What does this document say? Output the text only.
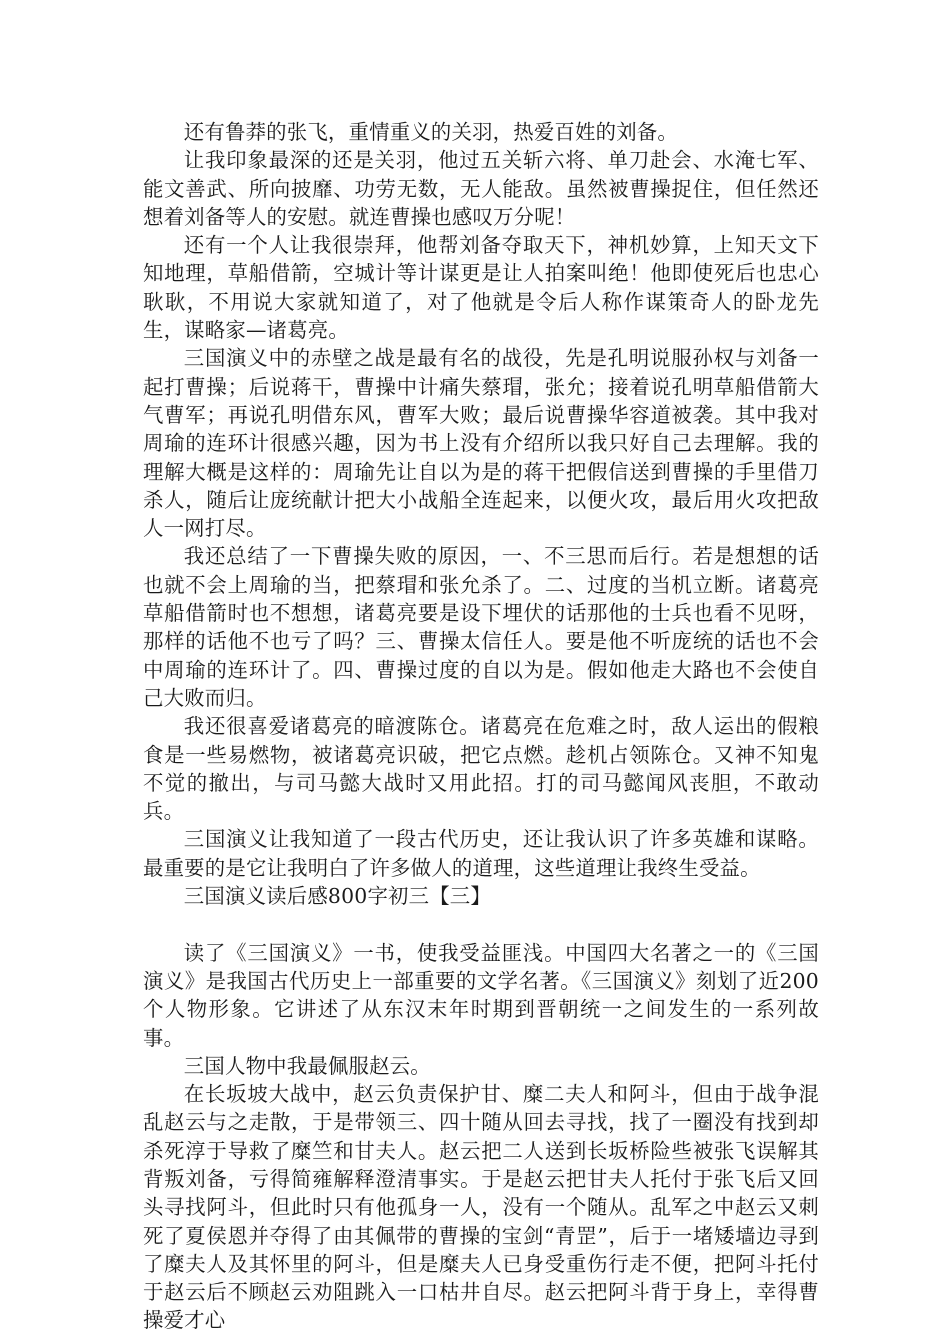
还有鲁莽的张飞，重情重义的关羽，热爱百姓的刘备。

让我印象最深的还是关羽，他过五关斩六将、单刀赴会、水淹七军、能文善武、所向披靡、功劳无数，无人能敌。虽然被曹操捉住，但任然还想着刘备等人的安慰。就连曹操也感叹万分呢！

还有一个人让我很崇拜，他帮刘备夺取天下，神机妙算，上知天文下知地理，草船借箭，空城计等计谋更是让人拍案叫绝！他即使死后也忠心耿耿，不用说大家就知道了，对了他就是令后人称作谋策奇人的卧龙先生，谋略家—诸葛亮。

三国演义中的赤壁之战是最有名的战役，先是孔明说服孙权与刘备一起打曹操；后说蒋干，曹操中计痛失蔡瑁，张允；接着说孔明草船借箭大气曹军；再说孔明借东风，曹军大败；最后说曹操华容道被袭。其中我对周瑜的连环计很感兴趣，因为书上没有介绍所以我只好自己去理解。我的理解大概是这样的：周瑜先让自以为是的蒋干把假信送到曹操的手里借刀杀人，随后让庞统献计把大小战船全连起来，以便火攻，最后用火攻把敌人一网打尽。

我还总结了一下曹操失败的原因，一、不三思而后行。若是想想的话也就不会上周瑜的当，把蔡瑁和张允杀了。二、过度的当机立断。诸葛亮草船借箭时也不想想，诸葛亮要是设下埋伏的话那他的士兵也看不见呀，那样的话他不也亏了吗？三、曹操太信任人。要是他不听庞统的话也不会中周瑜的连环计了。四、曹操过度的自以为是。假如他走大路也不会使自己大败而归。

我还很喜爱诸葛亮的暗渡陈仓。诸葛亮在危难之时，敌人运出的假粮食是一些易燃物，被诸葛亮识破，把它点燃。趁机占领陈仓。又神不知鬼不觉的撤出，与司马懿大战时又用此招。打的司马懿闻风丧胆，不敢动兵。

三国演义让我知道了一段古代历史，还让我认识了许多英雄和谋略。最重要的是它让我明白了许多做人的道理，这些道理让我终生受益。

三国演义读后感800字初三【三】

读了《三国演义》一书，使我受益匪浅。中国四大名著之一的《三国演义》是我国古代历史上一部重要的文学名著。《三国演义》刻划了近200个人物形象。它讲述了从东汉末年时期到晋朝统一之间发生的一系列故事。

三国人物中我最佩服赵云。

在长坂坡大战中，赵云负责保护甘、糜二夫人和阿斗，但由于战争混乱赵云与之走散，于是带领三、四十随从回去寻找，找了一圈没有找到却杀死淳于导救了糜竺和甘夫人。赵云把二人送到长坂桥险些被张飞误解其背叛刘备，亏得简雍解释澄清事实。于是赵云把甘夫人托付于张飞后又回头寻找阿斗，但此时只有他孤身一人，没有一个随从。乱军之中赵云又刺死了夏侯恩并夺得了由其佩带的曹操的宝剑“青罡”，后于一堵矮墙边寻到了糜夫人及其怀里的阿斗，但是糜夫人已身受重伤行走不便，把阿斗托付于赵云后不顾赵云劝阻跳入一口枯井自尽。赵云把阿斗背于身上，幸得曹操爱才心
